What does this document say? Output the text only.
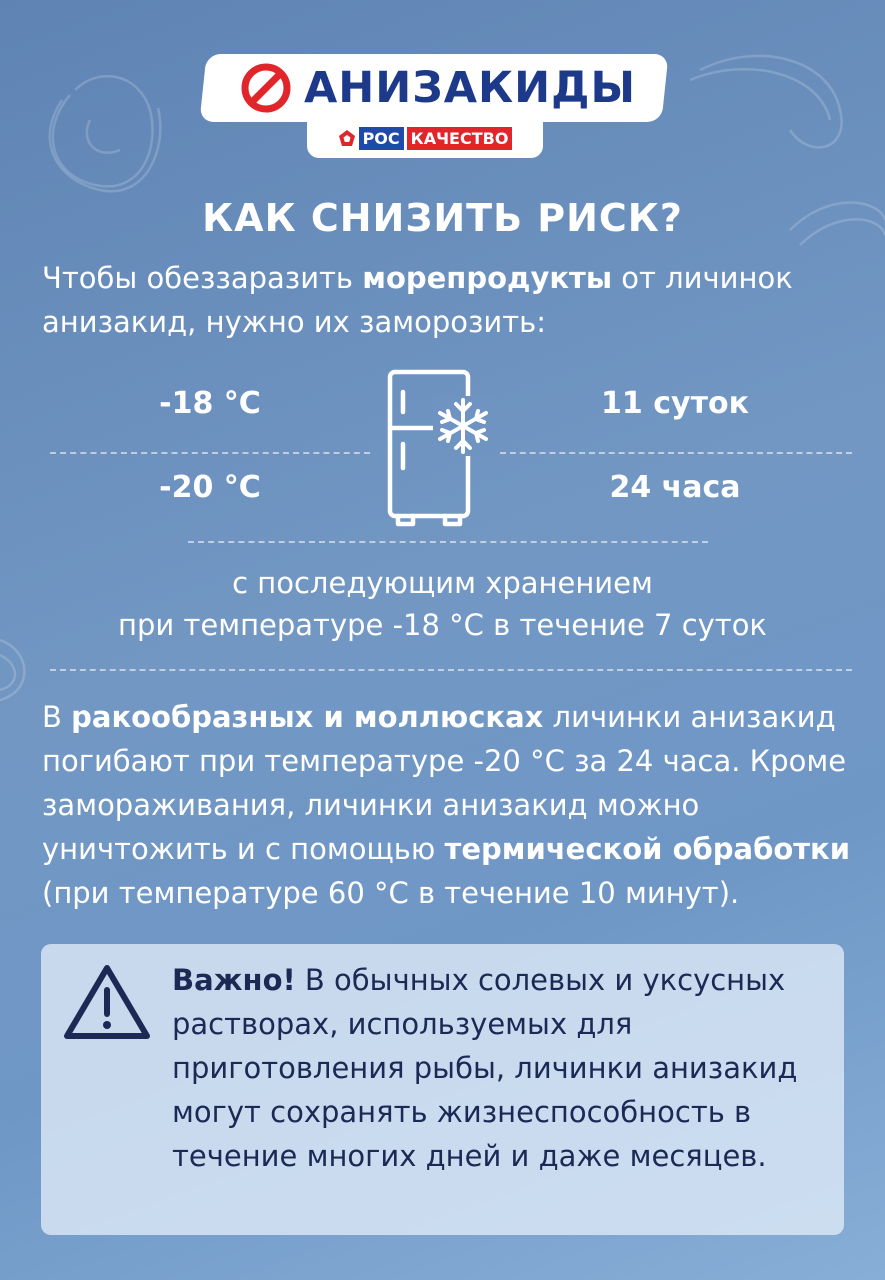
АНИЗАКИДЫ
РОС КАЧЕСТВО
КАК СНИЗИТЬ РИСК?
Чтобы обеззаразить морепродукты от личинок анизакид, нужно их заморозить:
-18 °С	11 суток
-20 °С	24 часа
с последующим хранением
при температуре -18 °С в течение 7 суток
В ракообразных и моллюсках личинки анизакид погибают при температуре -20 °С за 24 часа. Кроме замораживания, личинки анизакид можно уничтожить и с помощью термической обработки (при температуре 60 °С в течение 10 минут).
Важно! В обычных солевых и уксусных растворах, используемых для приготовления рыбы, личинки анизакид могут сохранять жизнеспособность в течение многих дней и даже месяцев.
